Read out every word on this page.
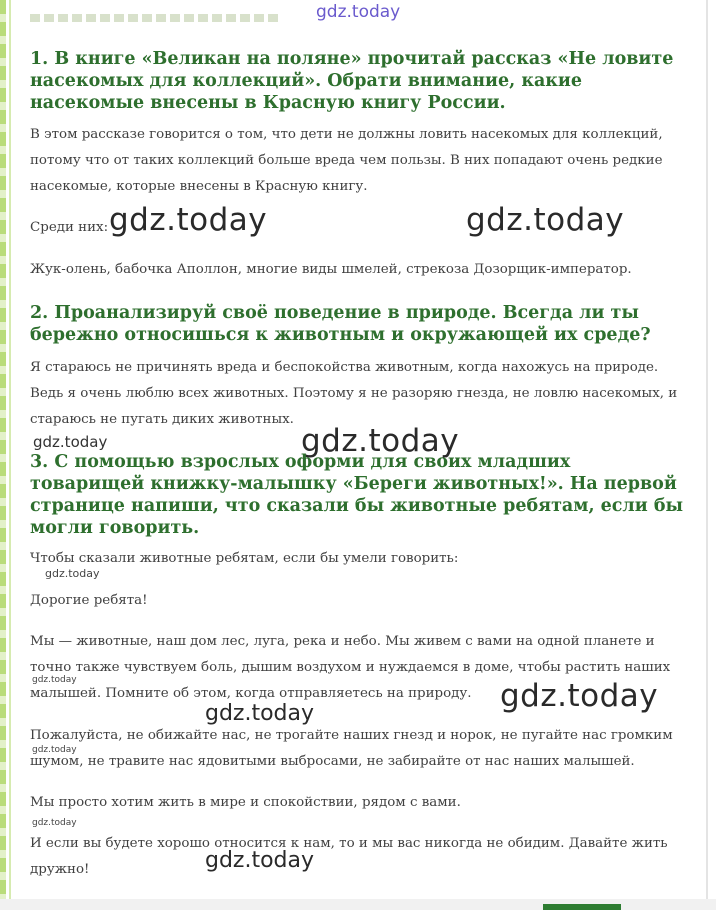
gdz.today
1. В книге «Великан на поляне» прочитай рассказ «Не ловите насекомых для коллекций». Обрати внимание, какие насекомые внесены в Красную книгу России.

В этом рассказе говорится о том, что дети не должны ловить насекомых для коллекций, потому что от таких коллекций больше вреда чем пользы. В них попадают очень редкие насекомые, которые внесены в Красную книгу.

Среди них: gdz.today	gdz.today

Жук-олень, бабочка Аполлон, многие виды шмелей, стрекоза Дозорщик-император.

2. Проанализируй своё поведение в природе. Всегда ли ты бережно относишься к животным и окружающей их среде?

Я стараюсь не причинять вреда и беспокойства животным, когда нахожусь на природе. Ведь я очень люблю всех животных. Поэтому я не разоряю гнезда, не ловлю насекомых, и стараюсь не пугать диких животных.

gdz.today	gdz.today
3. С помощью взрослых оформи для своих младших товарищей книжку-малышку «Береги животных!». На первой странице напиши, что сказали бы животные ребятам, если бы могли говорить.

Чтобы сказали животные ребятам, если бы умели говорить:

gdz.today

Дорогие ребята!

Мы — животные, наш дом лес, луга, река и небо. Мы живем с вами на одной планете и точно также чувствуем боль, дышим воздухом и нуждаемся в доме, чтобы растить наших малышей. Помните об этом, когда отправляетесь на природу.

gdz.today	gdz.today
gdz.today

Пожалуйста, не обижайте нас, не трогайте наших гнезд и норок, не пугайте нас громким шумом, не травите нас ядовитыми выбросами, не забирайте от нас наших малышей.

gdz.today

Мы просто хотим жить в мире и спокойствии, рядом с вами.

gdz.today

И если вы будете хорошо относится к нам, то и мы вас никогда не обидим. Давайте жить дружно!	gdz.today
